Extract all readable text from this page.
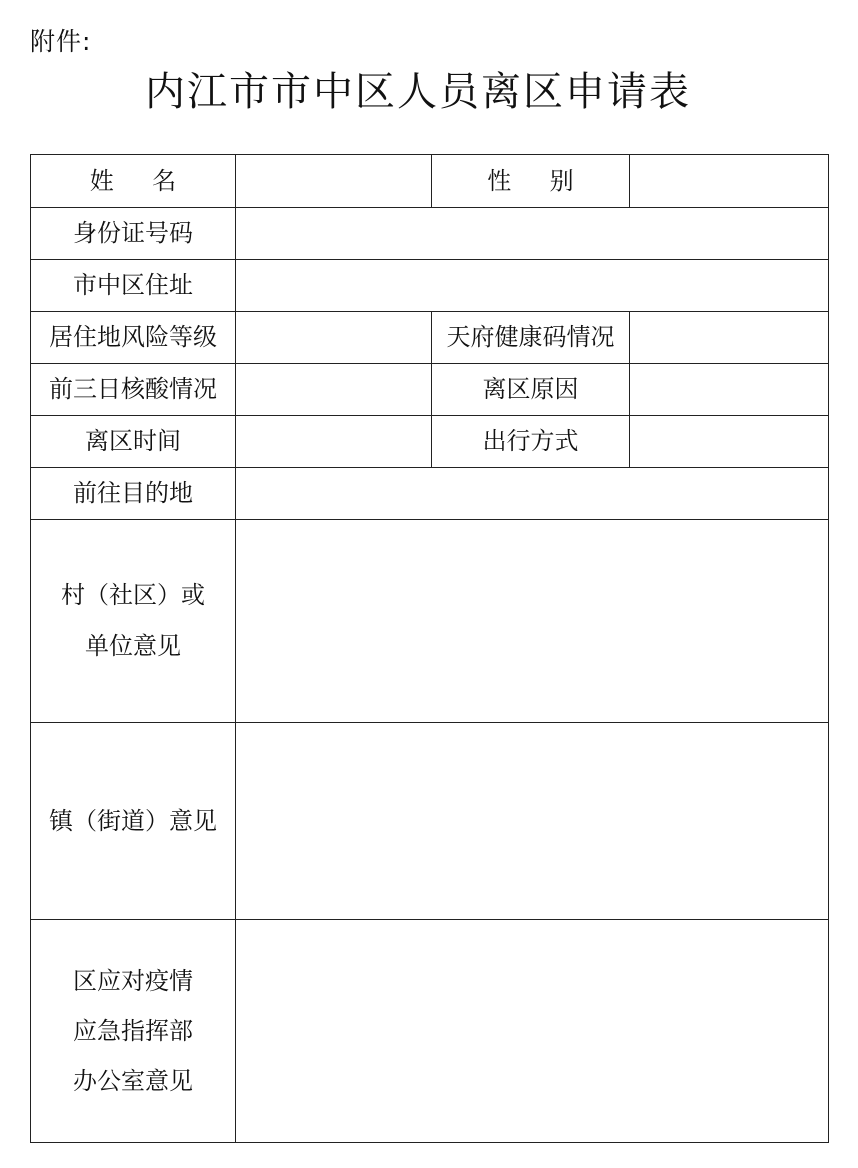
附件:
内江市市中区人员离区申请表
姓名		性别	
身份证号码			
市中区住址			
居住地风险等级		天府健康码情况	
前三日核酸情况		离区原因	
离区时间		出行方式	
前往目的地			

村（社区）或
单位意见			

镇（街道）意见			

区应对疫情
应急指挥部
办公室意见			
